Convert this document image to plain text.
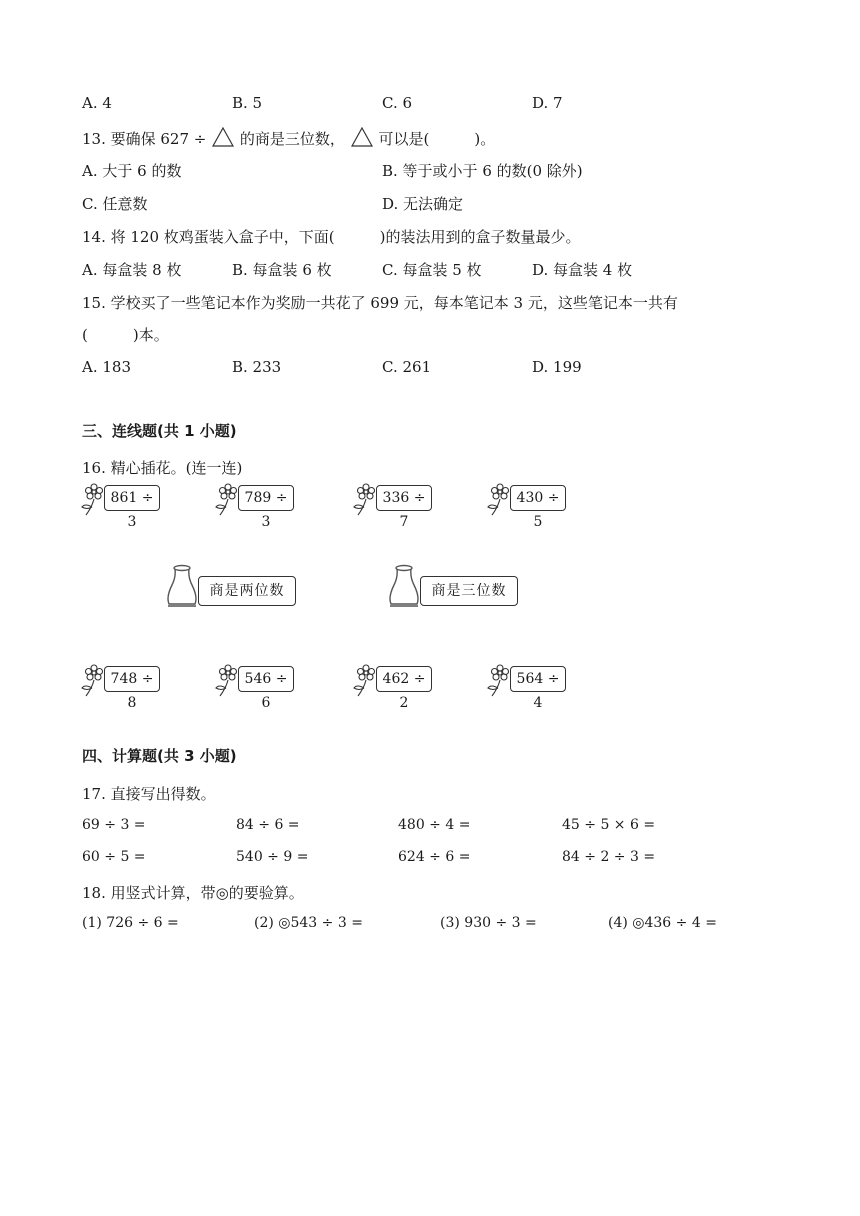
A. 4	B. 5	C. 6	D. 7
13. 要确保 627 ÷ 的商是三位数， 可以是(　　　)。
A. 大于 6 的数	B. 等于或小于 6 的数(0 除外)
C. 任意数	D. 无法确定
14. 将 120 枚鸡蛋装入盒子中，下面(　　　)的装法用到的盒子数量最少。
A. 每盒装 8 枚	B. 每盒装 6 枚	C. 每盒装 5 枚	D. 每盒装 4 枚
15. 学校买了一些笔记本作为奖励一共花了 699 元，每本笔记本 3 元，这些笔记本一共有
(　　　)本。
A. 183	B. 233	C. 261	D. 199
三、连线题(共 1 小题)
16. 精心插花。(连一连)
861 ÷ 3
789 ÷ 3
336 ÷ 7
430 ÷ 5
商是两位数	商是三位数
748 ÷ 8
546 ÷ 6
462 ÷ 2
564 ÷ 4
四、计算题(共 3 小题)
17. 直接写出得数。
69 ÷ 3 =	84 ÷ 6 =	480 ÷ 4 =	45 ÷ 5 × 6 =
60 ÷ 5 =	540 ÷ 9 =	624 ÷ 6 =	84 ÷ 2 ÷ 3 =
18. 用竖式计算，带◎的要验算。
(1) 726 ÷ 6 =	(2) ◎543 ÷ 3 =	(3) 930 ÷ 3 =	(4) ◎436 ÷ 4 =
